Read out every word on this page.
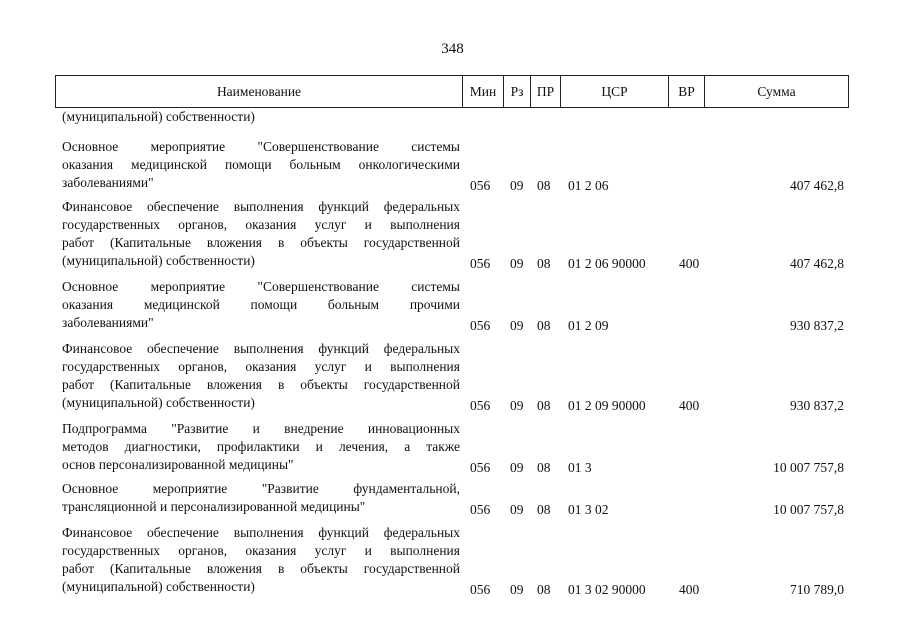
348
Наименование	Мин	Рз ПР	ЦСР	ВР	Сумма
(муниципальной) собственности)
Основное мероприятие "Совершенствование системы
оказания медицинской помощи больным онкологическими
заболеваниями"	056 09 08 01 2 06	407 462,8
Финансовое обеспечение выполнения функций федеральных
государственных органов, оказания услуг и выполнения
работ (Капитальные вложения в объекты государственной
(муниципальной) собственности)	056 09 08 01 2 06 90000 400	407 462,8
Основное мероприятие "Совершенствование системы
оказания медицинской помощи больным прочими
заболеваниями"	056 09 08 01 2 09	930 837,2
Финансовое обеспечение выполнения функций федеральных
государственных органов, оказания услуг и выполнения
работ (Капитальные вложения в объекты государственной
(муниципальной) собственности)	056 09 08 01 2 09 90000 400	930 837,2
Подпрограмма "Развитие и внедрение инновационных
методов диагностики, профилактики и лечения, а также
основ персонализированной медицины"	056 09 08 01 3	10 007 757,8
Основное мероприятие "Развитие фундаментальной,
трансляционной и персонализированной медицины"	056 09 08 01 3 02	10 007 757,8
Финансовое обеспечение выполнения функций федеральных
государственных органов, оказания услуг и выполнения
работ (Капитальные вложения в объекты государственной
(муниципальной) собственности)	056 09 08 01 3 02 90000 400	710 789,0
